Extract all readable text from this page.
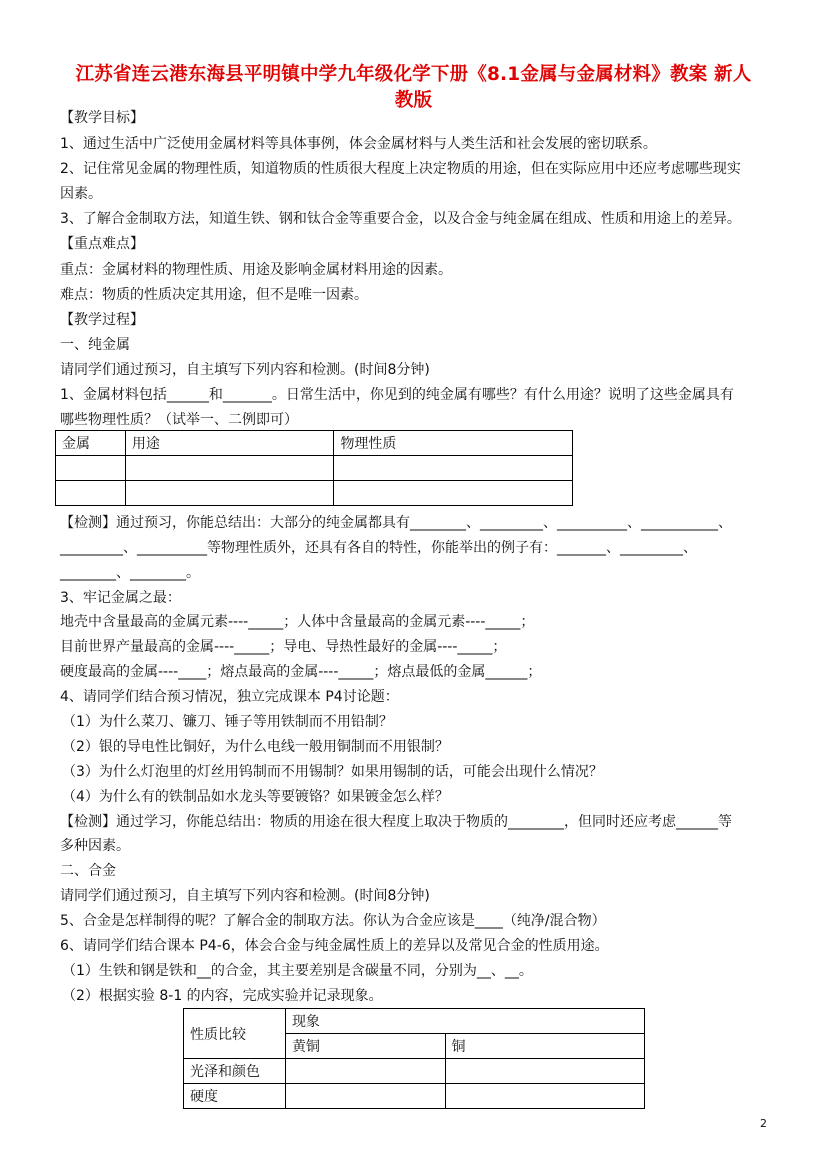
江苏省连云港东海县平明镇中学九年级化学下册《8.1金属与金属材料》教案 新人
教版
【教学目标】
1、通过生活中广泛使用金属材料等具体事例，体会金属材料与人类生活和社会发展的密切联系。
2、记住常见金属的物理性质，知道物质的性质很大程度上决定物质的用途，但在实际应用中还应考虑哪些现实
因素。
3、了解合金制取方法，知道生铁、钢和钛合金等重要合金，以及合金与纯金属在组成、性质和用途上的差异。
【重点难点】
重点：金属材料的物理性质、用途及影响金属材料用途的因素。
难点：物质的性质决定其用途，但不是唯一因素。
【教学过程】
一、纯金属
请同学们通过预习，自主填写下列内容和检测。(时间8分钟)
1、金属材料包括______和_______。日常生活中，你见到的纯金属有哪些？有什么用途？说明了这些金属具有
哪些物理性质？（试举一、二例即可）
金属	用途	物理性质

【检测】通过预习，你能总结出：大部分的纯金属都具有________、_________、__________、___________、
_________、__________等物理性质外，还具有各自的特性，你能举出的例子有：_______、_________、
________、________。
3、牢记金属之最：
地壳中含量最高的金属元素----_____；人体中含量最高的金属元素----_____；
目前世界产量最高的金属----_____；导电、导热性最好的金属----_____；
硬度最高的金属----____；熔点最高的金属----_____；熔点最低的金属______；
4、请同学们结合预习情况，独立完成课本 P4讨论题：
（1）为什么菜刀、镰刀、锤子等用铁制而不用铅制？
（2）银的导电性比铜好，为什么电线一般用铜制而不用银制？
（3）为什么灯泡里的灯丝用钨制而不用锡制？如果用锡制的话，可能会出现什么情况？
（4）为什么有的铁制品如水龙头等要镀铬？如果镀金怎么样？
【检测】通过学习，你能总结出：物质的用途在很大程度上取决于物质的________，但同时还应考虑______等
多种因素。
二、合金
请同学们通过预习，自主填写下列内容和检测。(时间8分钟)
5、合金是怎样制得的呢？了解合金的制取方法。你认为合金应该是____（纯净/混合物）
6、请同学们结合课本 P4-6，体会合金与纯金属性质上的差异以及常见合金的性质用途。
（1）生铁和钢是铁和__的合金，其主要差别是含碳量不同，分别为__、__。
（2）根据实验 8-1 的内容，完成实验并记录现象。
性质比较	现象	
	黄铜	铜
光泽和颜色		
硬度		
2
